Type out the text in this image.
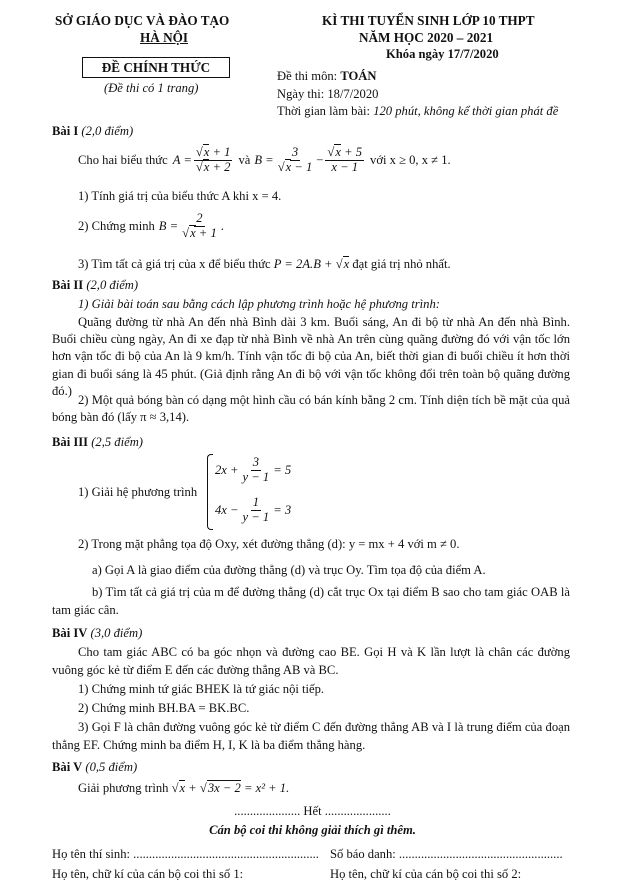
SỞ GIÁO DỤC VÀ ĐÀO TẠO
HÀ NỘI
ĐỀ CHÍNH THỨC
(Đề thi có 1 trang)
KÌ THI TUYỂN SINH LỚP 10 THPT
NĂM HỌC 2020 – 2021
Khóa ngày 17/7/2020
Đề thi môn: TOÁN
Ngày thi: 18/7/2020
Thời gian làm bài: 120 phút, không kể thời gian phát đề
Bài I (2,0 điểm)
Cho hai biểu thức $A = \frac{√x + 1}{√x + 2}$ và $B = \frac{3}{√x - 1} - \frac{√x + 5}{x - 1}$ với x ≥ 0, x ≠ 1.
1) Tính giá trị của biểu thức A khi x = 4.
2) Chứng minh $B = \frac{2}{√x + 1}$ .
3) Tìm tất cả giá trị của x để biểu thức P = 2A.B + √x đạt giá trị nhỏ nhất.
Bài II (2,0 điểm)
1) Giải bài toán sau bằng cách lập phương trình hoặc hệ phương trình:
Quãng đường từ nhà An đến nhà Bình dài 3 km. Buổi sáng, An đi bộ từ nhà An đến nhà Bình. Buổi chiều cùng ngày, An đi xe đạp từ nhà Bình về nhà An trên cùng quãng đường đó với vận tốc lớn hơn vận tốc đi bộ của An là 9 km/h. Tính vận tốc đi bộ của An, biết thời gian đi buổi chiều ít hơn thời gian đi buổi sáng là 45 phút. (Giả định rằng An đi bộ với vận tốc không đổi trên toàn bộ quãng đường đó.)
2) Một quả bóng bàn có dạng một hình cầu có bán kính bằng 2 cm. Tính diện tích bề mặt của quả bóng bàn đó (lấy π ≈ 3,14).
Bài III (2,5 điểm)
1) Giải hệ phương trình
$2x + \frac{3}{y - 1} = 5$
$4x - \frac{1}{y - 1} = 3$
2) Trong mặt phẳng tọa độ Oxy, xét đường thẳng (d): y = mx + 4 với m ≠ 0.
a) Gọi A là giao điểm của đường thẳng (d) và trục Oy. Tìm tọa độ của điểm A.
b) Tìm tất cả giá trị của m để đường thẳng (d) cắt trục Ox tại điểm B sao cho tam giác OAB là tam giác cân.
Bài IV (3,0 điểm)
Cho tam giác ABC có ba góc nhọn và đường cao BE. Gọi H và K lần lượt là chân các đường vuông góc kẻ từ điểm E đến các đường thẳng AB và BC.
1) Chứng minh tứ giác BHEK là tứ giác nội tiếp.
2) Chứng minh BH.BA = BK.BC.
3) Gọi F là chân đường vuông góc kẻ từ điểm C đến đường thẳng AB và I là trung điểm của đoạn thẳng EF. Chứng minh ba điểm H, I, K là ba điểm thẳng hàng.
Bài V (0,5 điểm)
Giải phương trình √x + √3x − 2 = x² + 1.
..................... Hết .....................
Cán bộ coi thi không giải thích gì thêm.
Họ tên thí sinh: ........................................................... Số báo danh: ....................................................
Họ tên, chữ kí của cán bộ coi thi số 1:	Họ tên, chữ kí của cán bộ coi thi số 2:
